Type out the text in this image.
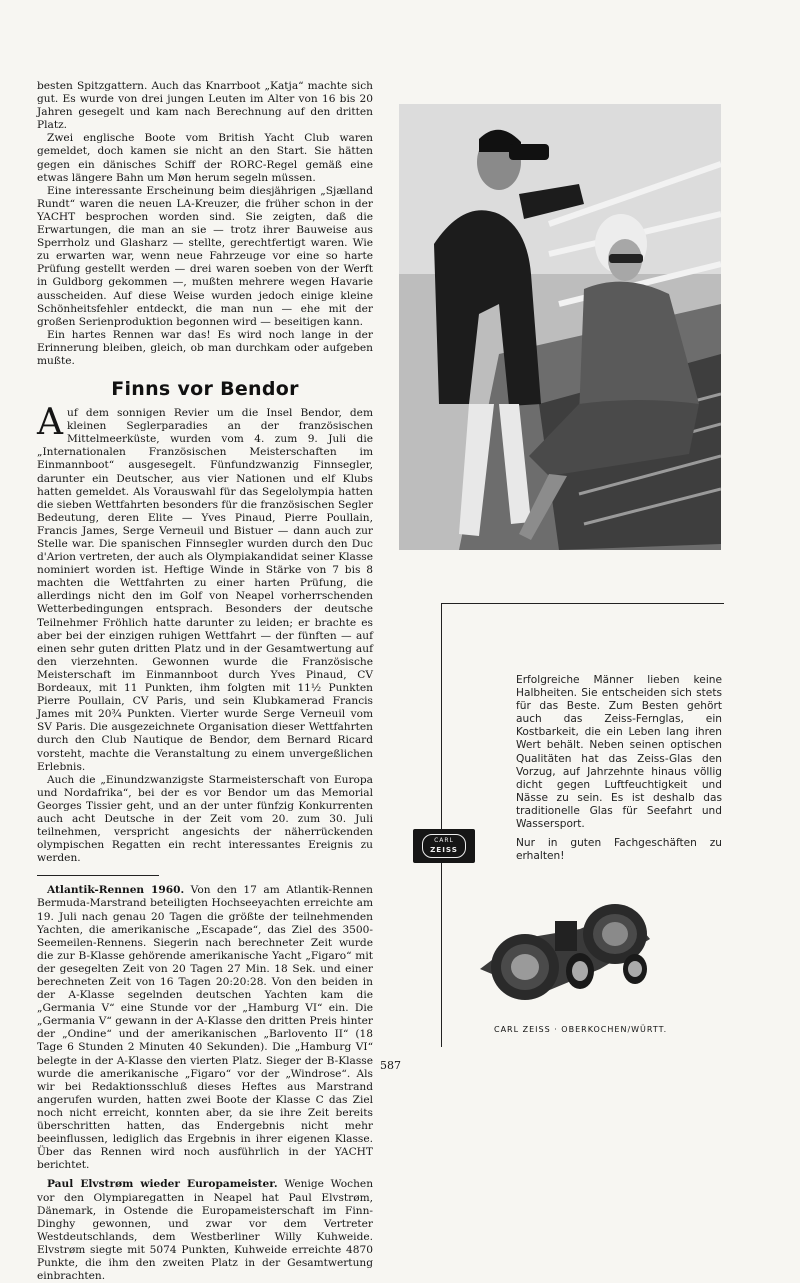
besten Spitzgattern. Auch das Knarrboot „Katja“ machte sich gut. Es wurde von drei jungen Leuten im Alter von 16 bis 20 Jahren gesegelt und kam nach Berechnung auf den dritten Platz.

Zwei englische Boote vom British Yacht Club waren gemeldet, doch kamen sie nicht an den Start. Sie hätten gegen ein dänisches Schiff der RORC-Regel gemäß eine etwas längere Bahn um Møn herum segeln müssen.

Eine interessante Erscheinung beim diesjährigen „Sjælland Rundt“ waren die neuen LA-Kreuzer, die früher schon in der YACHT besprochen worden sind. Sie zeigten, daß die Erwartungen, die man an sie — trotz ihrer Bauweise aus Sperrholz und Glasharz — stellte, gerechtfertigt waren. Wie zu erwarten war, wenn neue Fahrzeuge vor eine so harte Prüfung gestellt werden — drei waren soeben von der Werft in Guldborg gekommen —, mußten mehrere wegen Havarie ausscheiden. Auf diese Weise wurden jedoch einige kleine Schönheitsfehler entdeckt, die man nun — ehe mit der großen Serienproduktion begonnen wird — beseitigen kann.

Ein hartes Rennen war das! Es wird noch lange in der Erinnerung bleiben, gleich, ob man durchkam oder aufgeben mußte.

Finns vor Bendor

Auf dem sonnigen Revier um die Insel Bendor, dem kleinen Seglerparadies an der französischen Mittelmeerküste, wurden vom 4. zum 9. Juli die „Internationalen Französischen Meisterschaften im Einmannboot“ ausgesegelt. Fünfundzwanzig Finnsegler, darunter ein Deutscher, aus vier Nationen und elf Klubs hatten gemeldet. Als Vorauswahl für das Segelolympia hatten die sieben Wettfahrten besonders für die französischen Segler Bedeutung, deren Elite — Yves Pinaud, Pierre Poullain, Francis James, Serge Verneuil und Bistuer — dann auch zur Stelle war. Die spanischen Finnsegler wurden durch den Duc d'Arion vertreten, der auch als Olympiakandidat seiner Klasse nominiert worden ist. Heftige Winde in Stärke von 7 bis 8 machten die Wettfahrten zu einer harten Prüfung, die allerdings nicht den im Golf von Neapel vorherrschenden Wetterbedingungen entsprach. Besonders der deutsche Teilnehmer Fröhlich hatte darunter zu leiden; er brachte es aber bei der einzigen ruhigen Wettfahrt — der fünften — auf einen sehr guten dritten Platz und in der Gesamtwertung auf den vierzehnten. Gewonnen wurde die Französische Meisterschaft im Einmannboot durch Yves Pinaud, CV Bordeaux, mit 11 Punkten, ihm folgten mit 11½ Punkten Pierre Poullain, CV Paris, und sein Klubkamerad Francis James mit 20¾ Punkten. Vierter wurde Serge Verneuil vom SV Paris. Die ausgezeichnete Organisation dieser Wettfahrten durch den Club Nautique de Bendor, dem Bernard Ricard vorsteht, machte die Veranstaltung zu einem unvergeßlichen Erlebnis.

Auch die „Einundzwanzigste Starmeisterschaft von Europa und Nordafrika“, bei der es vor Bendor um das Memorial Georges Tissier geht, und an der unter fünfzig Konkurrenten auch acht Deutsche in der Zeit vom 20. zum 30. Juli teilnehmen, verspricht angesichts der näherrückenden olympischen Regatten ein recht interessantes Ereignis zu werden.

Atlantik-Rennen 1960. Von den 17 am Atlantik-Rennen Bermuda-Marstrand beteiligten Hochseeyachten erreichte am 19. Juli nach genau 20 Tagen die größte der teilnehmenden Yachten, die amerikanische „Escapade“, das Ziel des 3500-Seemeilen-Rennens. Siegerin nach berechneter Zeit wurde die zur B-Klasse gehörende amerikanische Yacht „Figaro“ mit der gesegelten Zeit von 20 Tagen 27 Min. 18 Sek. und einer berechneten Zeit von 16 Tagen 20:20:28. Von den beiden in der A-Klasse segelnden deutschen Yachten kam die „Germania V“ eine Stunde vor der „Hamburg VI“ ein. Die „Germania V“ gewann in der A-Klasse den dritten Preis hinter der „Ondine“ und der amerikanischen „Barlovento II“ (18 Tage 6 Stunden 2 Minuten 40 Sekunden). Die „Hamburg VI“ belegte in der A-Klasse den vierten Platz. Sieger der B-Klasse wurde die amerikanische „Figaro“ vor der „Windrose“. Als wir bei Redaktionsschluß dieses Heftes aus Marstrand angerufen wurden, hatten zwei Boote der Klasse C das Ziel noch nicht erreicht, konnten aber, da sie ihre Zeit bereits überschritten hatten, das Endergebnis nicht mehr beeinflussen, lediglich das Ergebnis in ihrer eigenen Klasse. Über das Rennen wird noch ausführlich in der YACHT berichtet.

Paul Elvstrøm wieder Europameister. Wenige Wochen vor den Olympiaregatten in Neapel hat Paul Elvstrøm, Dänemark, in Ostende die Europameisterschaft im Finn-Dinghy gewonnen, und zwar vor dem Vertreter Westdeutschlands, dem Westberliner Willy Kuhweide. Elvstrøm siegte mit 5074 Punkten, Kuhweide erreichte 4870 Punkte, die ihm den zweiten Platz in der Gesamtwertung einbrachten.

Erfolgreiche Männer lieben keine Halbheiten. Sie entscheiden sich stets für das Beste. Zum Besten gehört auch das Zeiss-Fernglas, ein Kostbarkeit, die ein Leben lang ihren Wert behält. Neben seinen optischen Qualitäten hat das Zeiss-Glas den Vorzug, auf Jahrzehnte hinaus völlig dicht gegen Luftfeuchtigkeit und Nässe zu sein. Es ist deshalb das traditionelle Glas für Seefahrt und Wassersport.

Nur in guten Fachgeschäften zu erhalten!

CARL
ZEISS
CARL ZEISS · OBERKOCHEN/WÜRTT.
587
